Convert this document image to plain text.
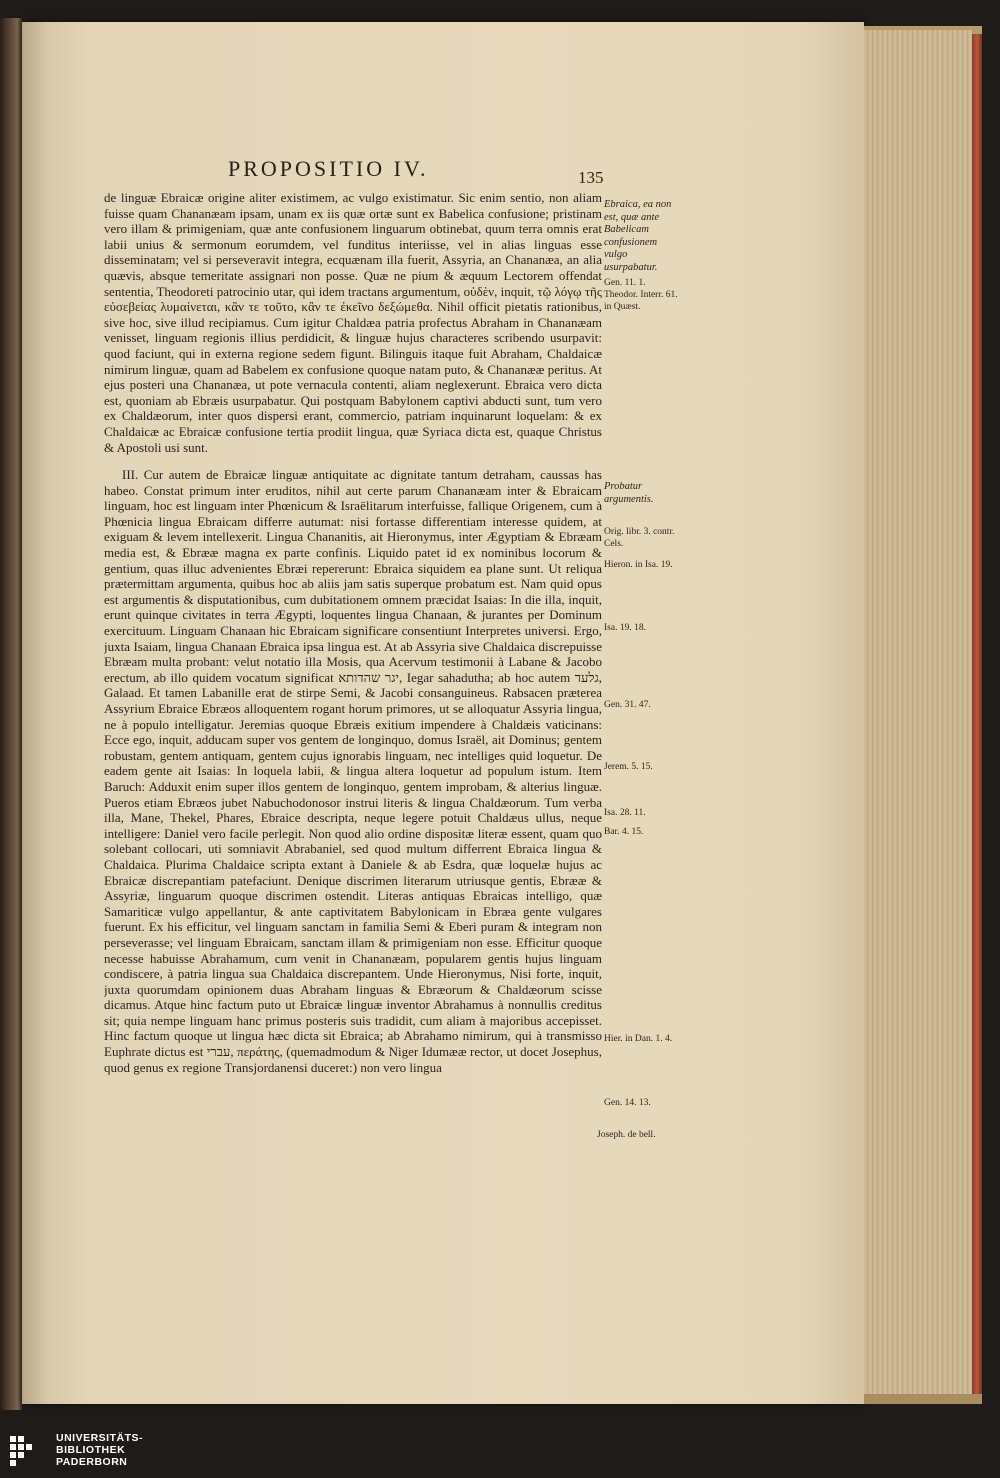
PROPOSITIO IV.	135

de linguæ Ebraicæ origine aliter existimem, ac vulgo existimatur. Sic enim sentio, non aliam fuisse quam Chananæam ipsam, unam ex iis quæ ortæ sunt ex Babelica confusione; pristinam vero illam & primigeniam, quæ ante confusionem linguarum obtinebat, quum terra omnis erat labii unius & sermonum eorumdem, vel funditus interiisse, vel in alias linguas esse disseminatam; vel si perseveravit integra, ecquænam illa fuerit, Assyria, an Chananæa, an alia quævis, absque temeritate assignari non posse. Quæ ne pium & æquum Lectorem offendat sententia, Theodoreti patrocinio utar, qui idem tractans argumentum, οὐδὲν, inquit, τῷ λόγῳ τῆς εὐσεβείας λυμαίνεται, κἂν τε τοῦτο, κἂν τε ἐκεῖνο δεξώμεθα. Nihil officit pietatis rationibus, sive hoc, sive illud recipiamus. Cum igitur Chaldæa patria profectus Abraham in Chananæam venisset, linguam regionis illius perdidicit, & linguæ hujus characteres scribendo usurpavit: quod faciunt, qui in externa regione sedem figunt. Bilinguis itaque fuit Abraham, Chaldaicæ nimirum linguæ, quam ad Babelem ex confusione quoque natam puto, & Chananææ peritus. At ejus posteri una Chananæa, ut pote vernacula contenti, aliam neglexerunt. Ebraica vero dicta est, quoniam ab Ebræis usurpabatur. Qui postquam Babylonem captivi abducti sunt, tum vero ex Chaldæorum, inter quos dispersi erant, commercio, patriam inquinarunt loquelam: & ex Chaldaicæ ac Ebraicæ confusione tertia prodiit lingua, quæ Syriaca dicta est, quaque Christus & Apostoli usi sunt.

III. Cur autem de Ebraicæ linguæ antiquitate ac dignitate tantum detraham, caussas has habeo. Constat primum inter eruditos, nihil aut certe parum Chananæam inter & Ebraicam linguam, hoc est linguam inter Phœnicum & Israëlitarum interfuisse, fallique Origenem, cum à Phœnicia lingua Ebraicam differre autumat: nisi fortasse differentiam interesse quidem, at exiguam & levem intellexerit. Lingua Chananitis, ait Hieronymus, inter Ægyptiam & Ebræam media est, & Ebrææ magna ex parte confinis. Liquido patet id ex nominibus locorum & gentium, quas illuc advenientes Ebræi repererunt: Ebraica siquidem ea plane sunt. Ut reliqua prætermittam argumenta, quibus hoc ab aliis jam satis superque probatum est. Nam quid opus est argumentis & disputationibus, cum dubitationem omnem præcidat Isaias: In die illa, inquit, erunt quinque civitates in terra Ægypti, loquentes lingua Chanaan, & jurantes per Dominum exercituum. Linguam Chanaan hic Ebraicam significare consentiunt Interpretes universi. Ergo, juxta Isaiam, lingua Chanaan Ebraica ipsa lingua est. At ab Assyria sive Chaldaica discrepuisse Ebræam multa probant: velut notatio illa Mosis, qua Acervum testimonii à Labane & Jacobo erectum, ab illo quidem vocatum significat יגר שהדותא, Iegar sahadutha; ab hoc autem גלעד, Galaad. Et tamen Labanille erat de stirpe Semi, & Jacobi consanguineus. Rabsacen præterea Assyrium Ebraice Ebræos alloquentem rogant horum primores, ut se alloquatur Assyria lingua, ne à populo intelligatur. Jeremias quoque Ebræis exitium impendere à Chaldæis vaticinans: Ecce ego, inquit, adducam super vos gentem de longinquo, domus Israël, ait Dominus; gentem robustam, gentem antiquam, gentem cujus ignorabis linguam, nec intelliges quid loquetur. De eadem gente ait Isaias: In loquela labii, & lingua altera loquetur ad populum istum. Item Baruch: Adduxit enim super illos gentem de longinquo, gentem improbam, & alterius linguæ. Pueros etiam Ebræos jubet Nabuchodonosor instrui literis & lingua Chaldæorum. Tum verba illa, Mane, Thekel, Phares, Ebraice descripta, neque legere potuit Chaldæus ullus, neque intelligere: Daniel vero facile perlegit. Non quod alio ordine dispositæ literæ essent, quam quo solebant collocari, uti somniavit Abrabaniel, sed quod multum differrent Ebraica lingua & Chaldaica. Plurima Chaldaice scripta extant à Daniele & ab Esdra, quæ loquelæ hujus ac Ebraicæ discrepantiam patefaciunt. Denique discrimen literarum utriusque gentis, Ebrææ & Assyriæ, linguarum quoque discrimen ostendit. Literas antiquas Ebraicas intelligo, quæ Samariticæ vulgo appellantur, & ante captivitatem Babylonicam in Ebræa gente vulgares fuerunt. Ex his efficitur, vel linguam sanctam in familia Semi & Eberi puram & integram non perseverasse; vel linguam Ebraicam, sanctam illam & primigeniam non esse. Efficitur quoque necesse habuisse Abrahamum, cum venit in Chananæam, popularem gentis hujus linguam condiscere, à patria lingua sua Chaldaica discrepantem. Unde Hieronymus, Nisi forte, inquit, juxta quorumdam opinionem duas Abraham linguas & Ebræorum & Chaldæorum scisse dicamus. Atque hinc factum puto ut Ebraicæ linguæ inventor Abrahamus à nonnullis creditus sit; quia nempe linguam hanc primus posteris suis tradidit, cum aliam à majoribus accepisset. Hinc factum quoque ut lingua hæc dicta sit Ebraica; ab Abrahamo nimirum, qui à transmisso Euphrate dictus est עברי, περάτης, (quemadmodum & Niger Idumææ rector, ut docet Josephus, quod genus ex regione Transjordanensi duceret:) non vero lingua

Ebraica, ea non est, quæ ante Babelicam confusionem vulgo usurpabatur.
Gen. 11. 1.
Theodor. Interr. 61. in Quæst.
Probatur argumentis.
Orig. libr. 3. contr. Cels.
Hieron. in Isa. 19.
Isa. 19. 18.
Gen. 31. 47.
Jerem. 5. 15.
Isa. 28. 11.
Bar. 4. 15.
Hier. in Dan. 1. 4.
Gen. 14. 13.
Joseph. de bell.
UNIVERSITÄTS-
BIBLIOTHEK
PADERBORN
